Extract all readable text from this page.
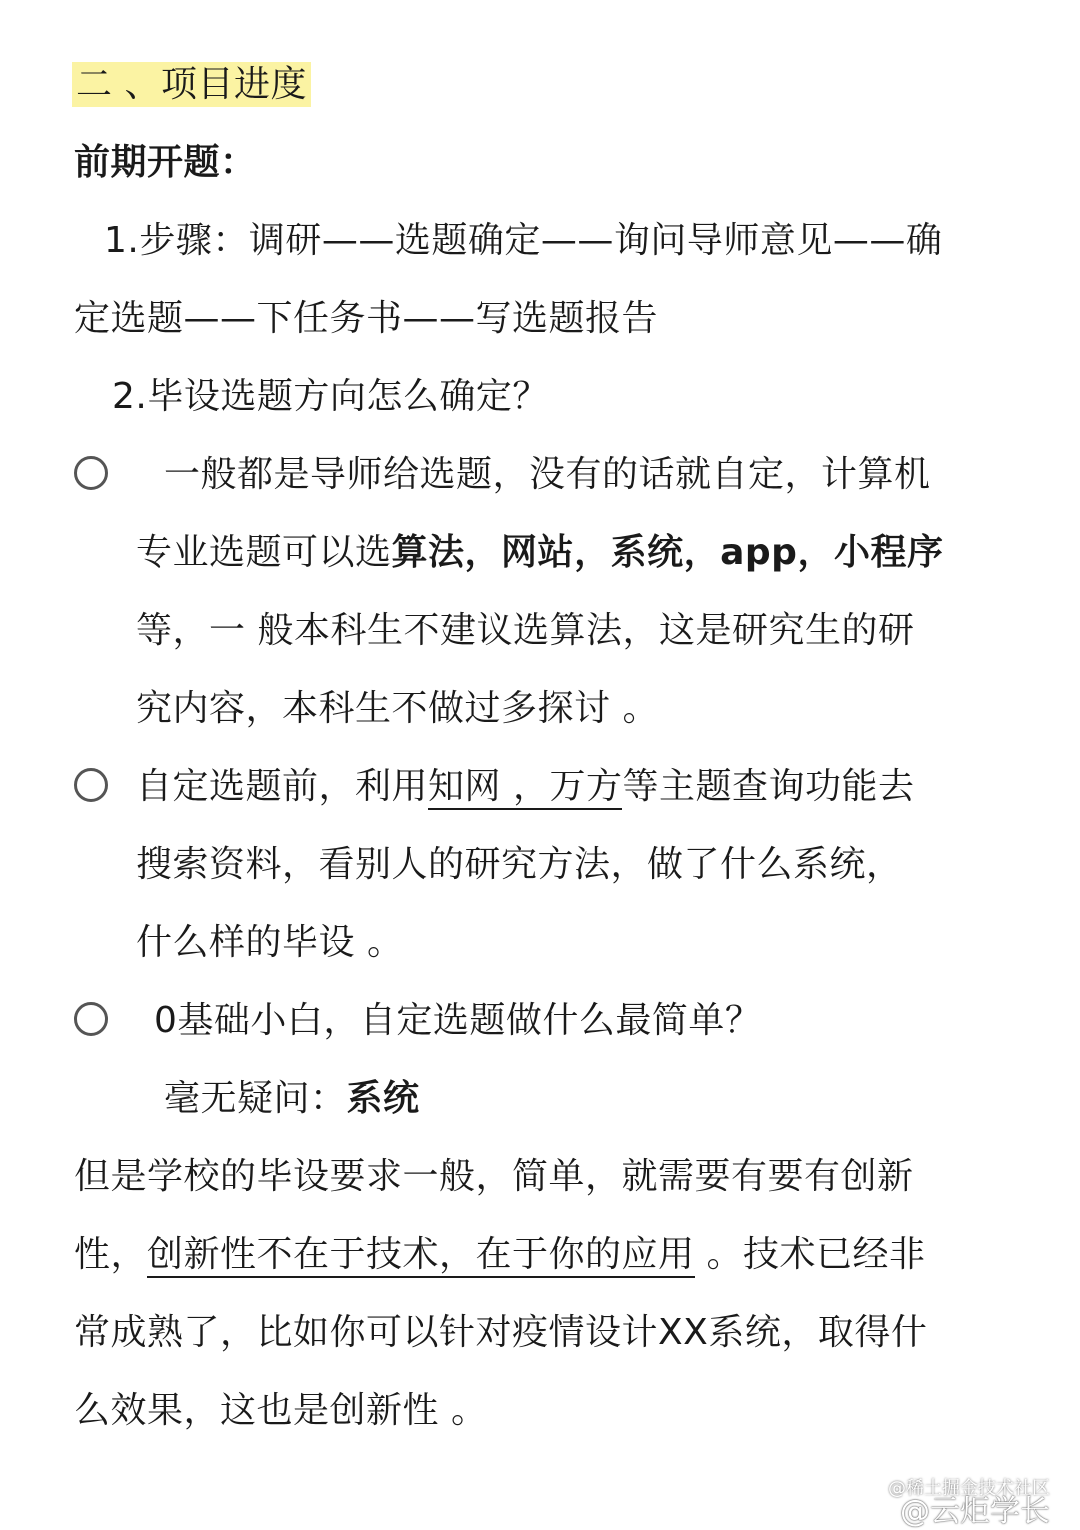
二 、项目进度
前期开题：
1.步骤：调研——选题确定——询问导师意见——确
定选题——下任务书——写选题报告
2.毕设选题方向怎么确定？
一般都是导师给选题，没有的话就自定，计算机
专业选题可以选算法，网站，系统，app，小程序
等，一 般本科生不建议选算法，这是研究生的研
究内容，本科生不做过多探讨 。
自定选题前，利用知网 ，万方等主题查询功能去
搜索资料，看别人的研究方法，做了什么系统，
什么样的毕设 。
0基础小白，自定选题做什么最简单？
毫无疑问：系统
但是学校的毕设要求一般，简单，就需要有要有创新
性，创新性不在于技术，在于你的应用 。技术已经非
常成熟了，比如你可以针对疫情设计XX系统，取得什
么效果，这也是创新性 。
@稀土掘金技术社区
@云炬学长
